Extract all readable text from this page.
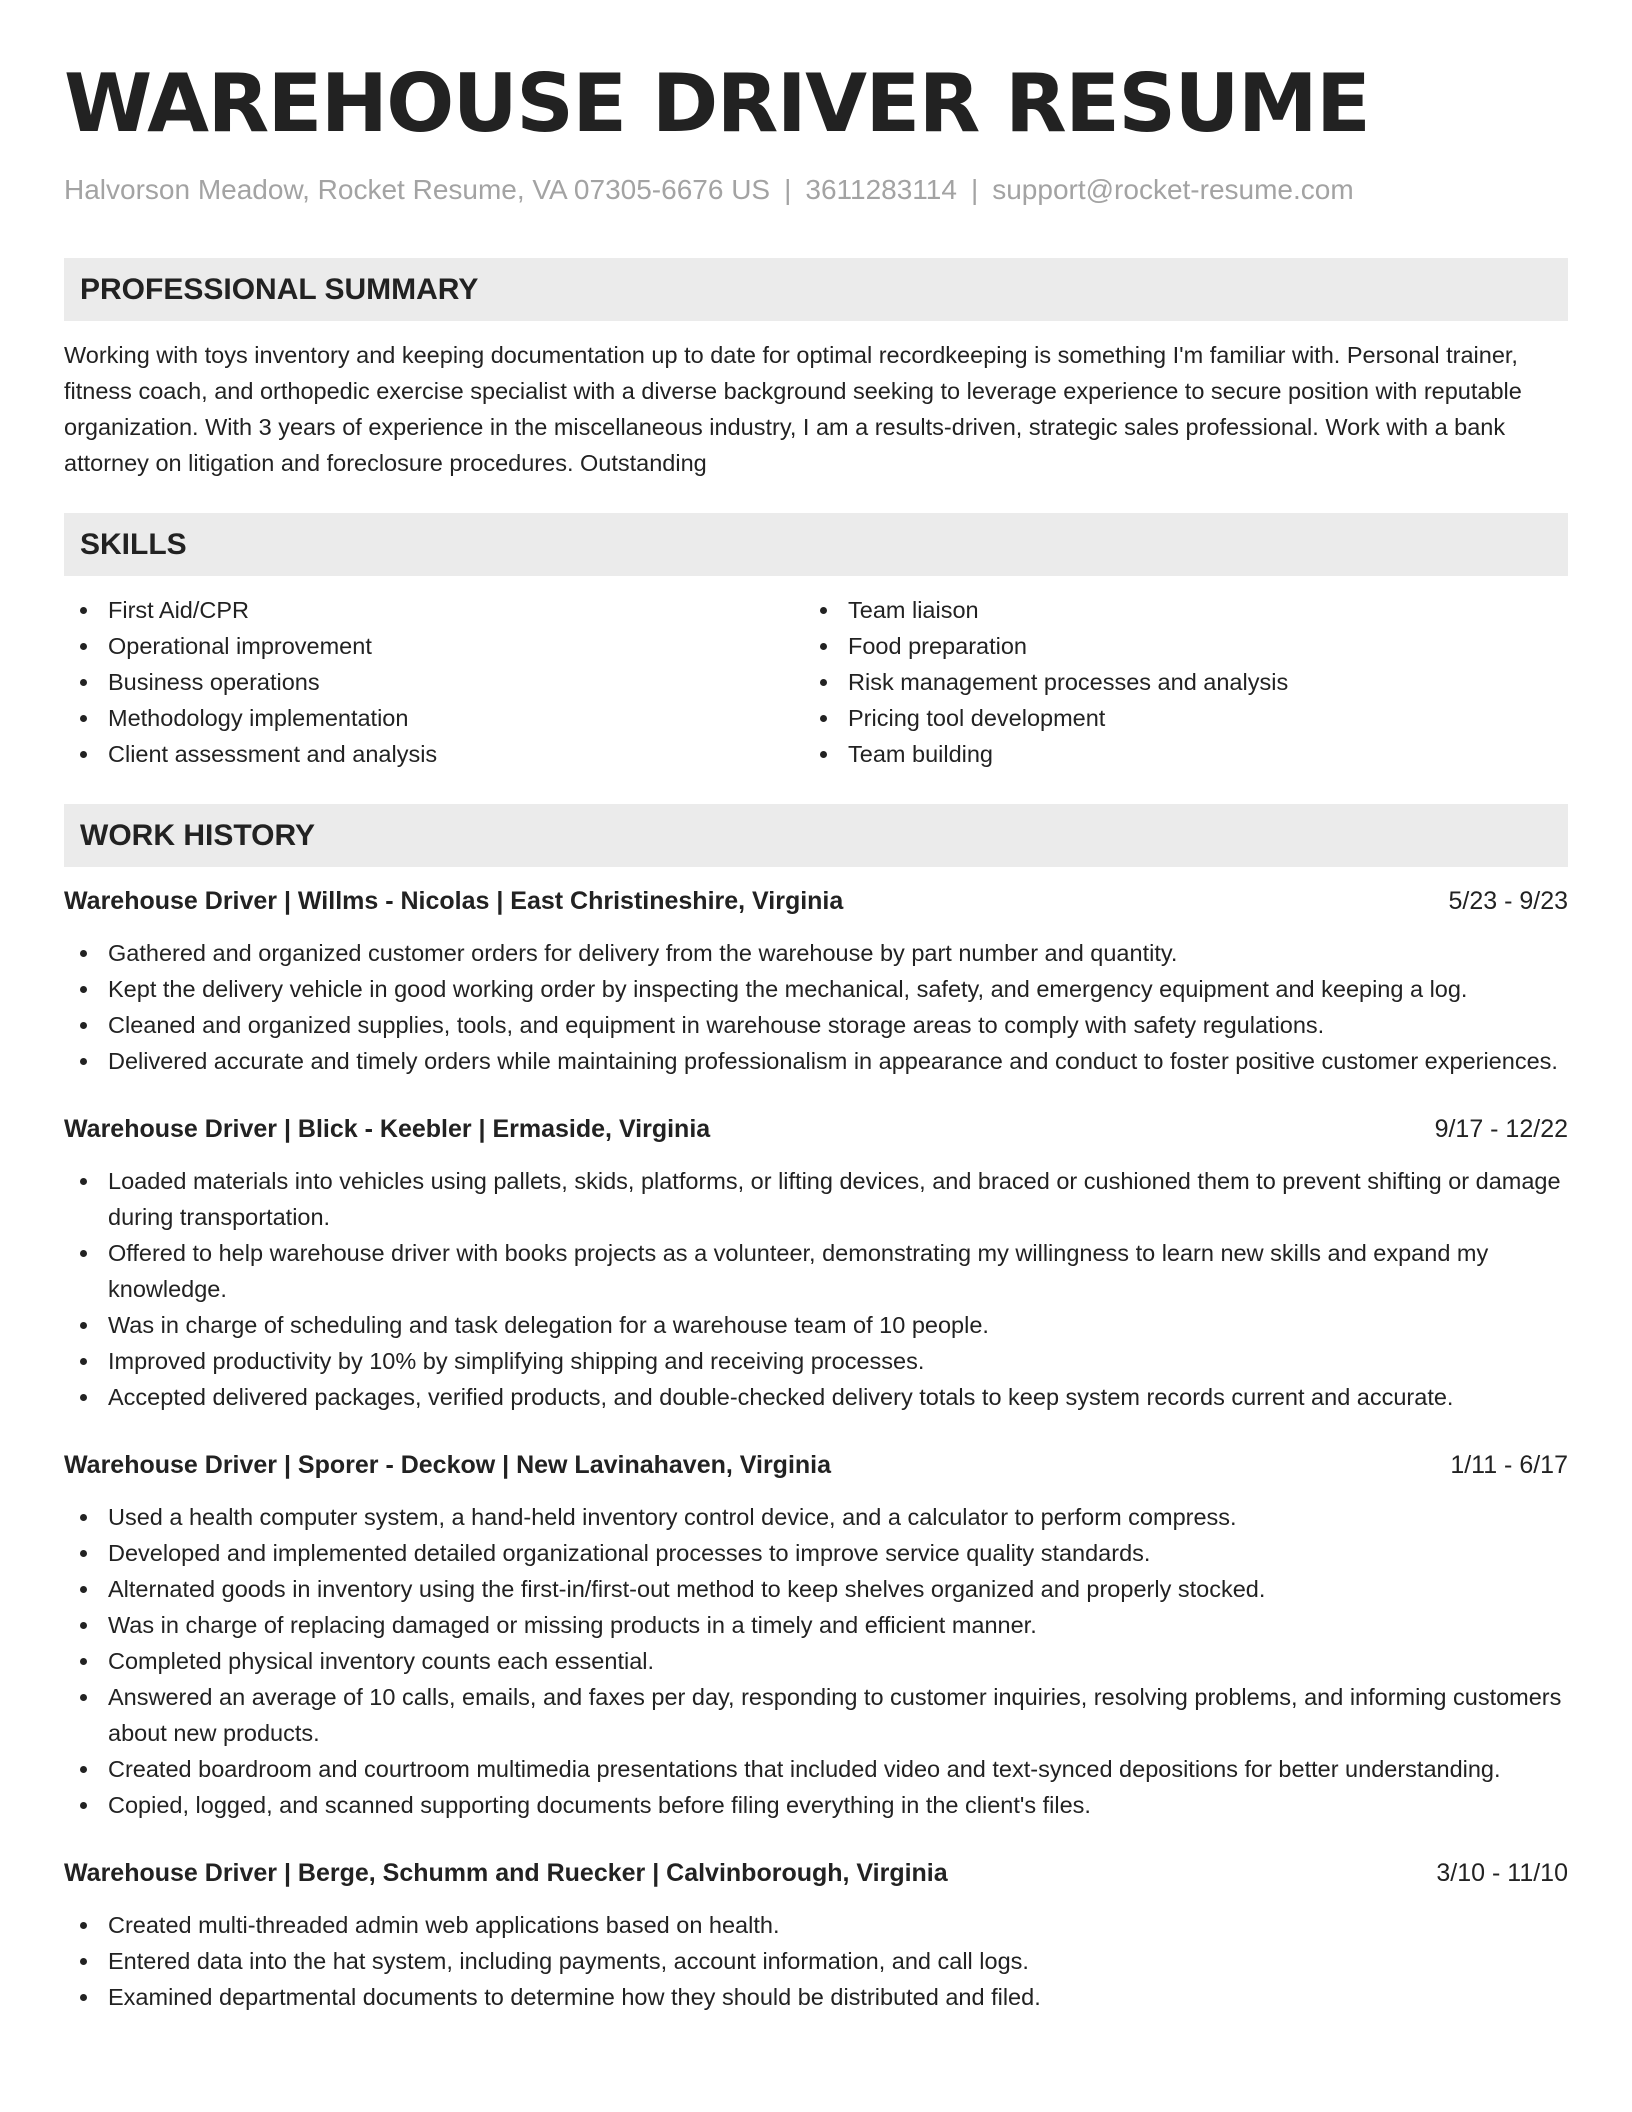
WAREHOUSE DRIVER RESUME
Halvorson Meadow, Rocket Resume, VA 07305-6676 US | 3611283114 | support@rocket-resume.com
PROFESSIONAL SUMMARY
Working with toys inventory and keeping documentation up to date for optimal recordkeeping is something I'm familiar with. Personal trainer, fitness coach, and orthopedic exercise specialist with a diverse background seeking to leverage experience to secure position with reputable organization. With 3 years of experience in the miscellaneous industry, I am a results-driven, strategic sales professional. Work with a bank attorney on litigation and foreclosure procedures. Outstanding
SKILLS
First Aid/CPR
Operational improvement
Business operations
Methodology implementation
Client assessment and analysis
Team liaison
Food preparation
Risk management processes and analysis
Pricing tool development
Team building
WORK HISTORY
Warehouse Driver | Willms - Nicolas | East Christineshire, Virginia	5/23 - 9/23
Gathered and organized customer orders for delivery from the warehouse by part number and quantity.
Kept the delivery vehicle in good working order by inspecting the mechanical, safety, and emergency equipment and keeping a log.
Cleaned and organized supplies, tools, and equipment in warehouse storage areas to comply with safety regulations.
Delivered accurate and timely orders while maintaining professionalism in appearance and conduct to foster positive customer experiences.
Warehouse Driver | Blick - Keebler | Ermaside, Virginia	9/17 - 12/22
Loaded materials into vehicles using pallets, skids, platforms, or lifting devices, and braced or cushioned them to prevent shifting or damage during transportation.
Offered to help warehouse driver with books projects as a volunteer, demonstrating my willingness to learn new skills and expand my knowledge.
Was in charge of scheduling and task delegation for a warehouse team of 10 people.
Improved productivity by 10% by simplifying shipping and receiving processes.
Accepted delivered packages, verified products, and double-checked delivery totals to keep system records current and accurate.
Warehouse Driver | Sporer - Deckow | New Lavinahaven, Virginia	1/11 - 6/17
Used a health computer system, a hand-held inventory control device, and a calculator to perform compress.
Developed and implemented detailed organizational processes to improve service quality standards.
Alternated goods in inventory using the first-in/first-out method to keep shelves organized and properly stocked.
Was in charge of replacing damaged or missing products in a timely and efficient manner.
Completed physical inventory counts each essential.
Answered an average of 10 calls, emails, and faxes per day, responding to customer inquiries, resolving problems, and informing customers about new products.
Created boardroom and courtroom multimedia presentations that included video and text-synced depositions for better understanding.
Copied, logged, and scanned supporting documents before filing everything in the client's files.
Warehouse Driver | Berge, Schumm and Ruecker | Calvinborough, Virginia	3/10 - 11/10
Created multi-threaded admin web applications based on health.
Entered data into the hat system, including payments, account information, and call logs.
Examined departmental documents to determine how they should be distributed and filed.
